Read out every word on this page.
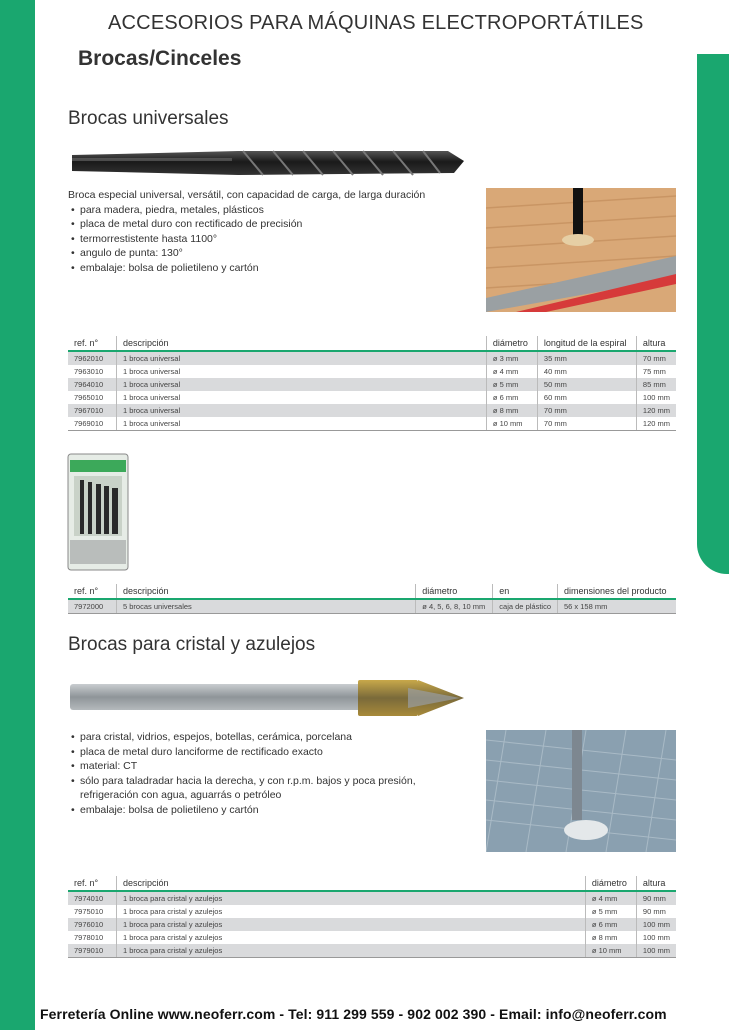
ACCESORIOS PARA MÁQUINAS ELECTROPORTÁTILES
Brocas/Cinceles
Brocas universales
Broca especial universal, versátil, con capacidad de carga, de larga duración
• para madera, piedra, metales, plásticos
• placa de metal duro con rectificado de precisión
• termorrestistente hasta 1100°
• angulo de punta: 130°
• embalaje: bolsa de polietileno y cartón
ref. n°	descripción	diámetro	longitud de la espiral	altura
7962010	1 broca universal	ø 3 mm	35 mm	70 mm
7963010	1 broca universal	ø 4 mm	40 mm	75 mm
7964010	1 broca universal	ø 5 mm	50 mm	85 mm
7965010	1 broca universal	ø 6 mm	60 mm	100 mm
7967010	1 broca universal	ø 8 mm	70 mm	120 mm
7969010	1 broca universal	ø 10 mm	70 mm	120 mm
ref. n°	descripción	diámetro	en	dimensiones del producto
7972000	5 brocas universales	ø 4, 5, 6, 8, 10 mm	caja de plástico	56 x 158 mm
Brocas para cristal y azulejos
• para cristal, vidrios, espejos, botellas, cerámica, porcelana
• placa de metal duro lanciforme de rectificado exacto
• material: CT
• sólo para taladradar hacia la derecha, y con r.p.m. bajos y poca presión, refrigeración con agua, aguarrás o petróleo
• embalaje: bolsa de polietileno y cartón
ref. n°	descripción	diámetro	altura
7974010	1 broca para cristal y azulejos	ø 4 mm	90 mm
7975010	1 broca para cristal y azulejos	ø 5 mm	90 mm
7976010	1 broca para cristal y azulejos	ø 6 mm	100 mm
7978010	1 broca para cristal y azulejos	ø 8 mm	100 mm
7979010	1 broca para cristal y azulejos	ø 10 mm	100 mm
Ferretería Online www.neoferr.com - Tel: 911 299 559 - 902 002 390 - Email: info@neoferr.com
